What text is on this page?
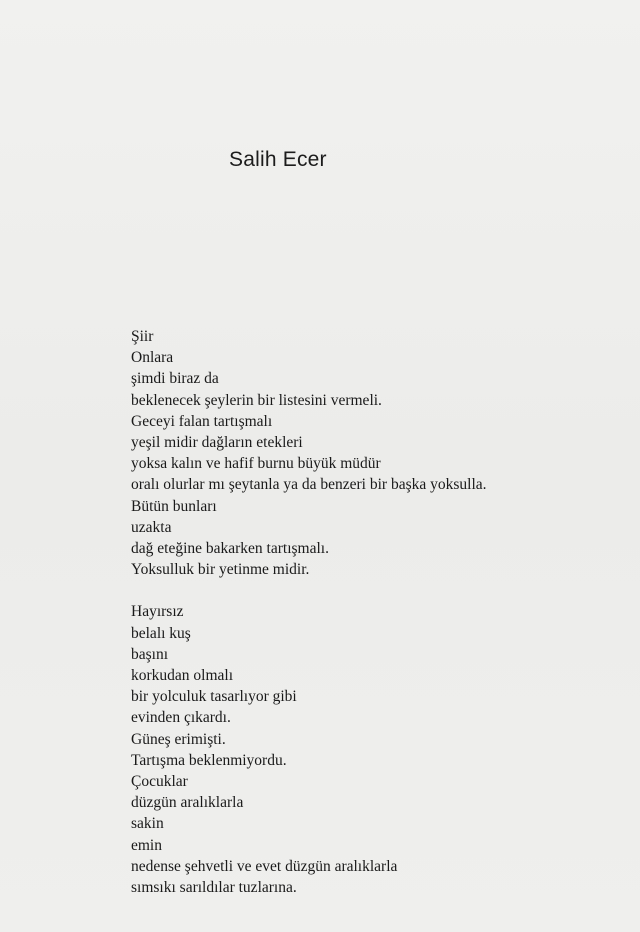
Salih Ecer
Şiir
Onlara
şimdi biraz da
beklenecek şeylerin bir listesini vermeli.
Geceyi falan tartışmalı
yeşil midir dağların etekleri
yoksa kalın ve hafif burnu büyük müdür
oralı olurlar mı şeytanla ya da benzeri bir başka yoksulla.
Bütün bunları
uzakta
dağ eteğine bakarken tartışmalı.
Yoksulluk bir yetinme midir.
Hayırsız
belalı kuş
başını
korkudan olmalı
bir yolculuk tasarlıyor gibi
evinden çıkardı.
Güneş erimişti.
Tartışma beklenmiyordu.
Çocuklar
düzgün aralıklarla
sakin
emin
nedense şehvetli ve evet düzgün aralıklarla
sımsıkı sarıldılar tuzlarına.
